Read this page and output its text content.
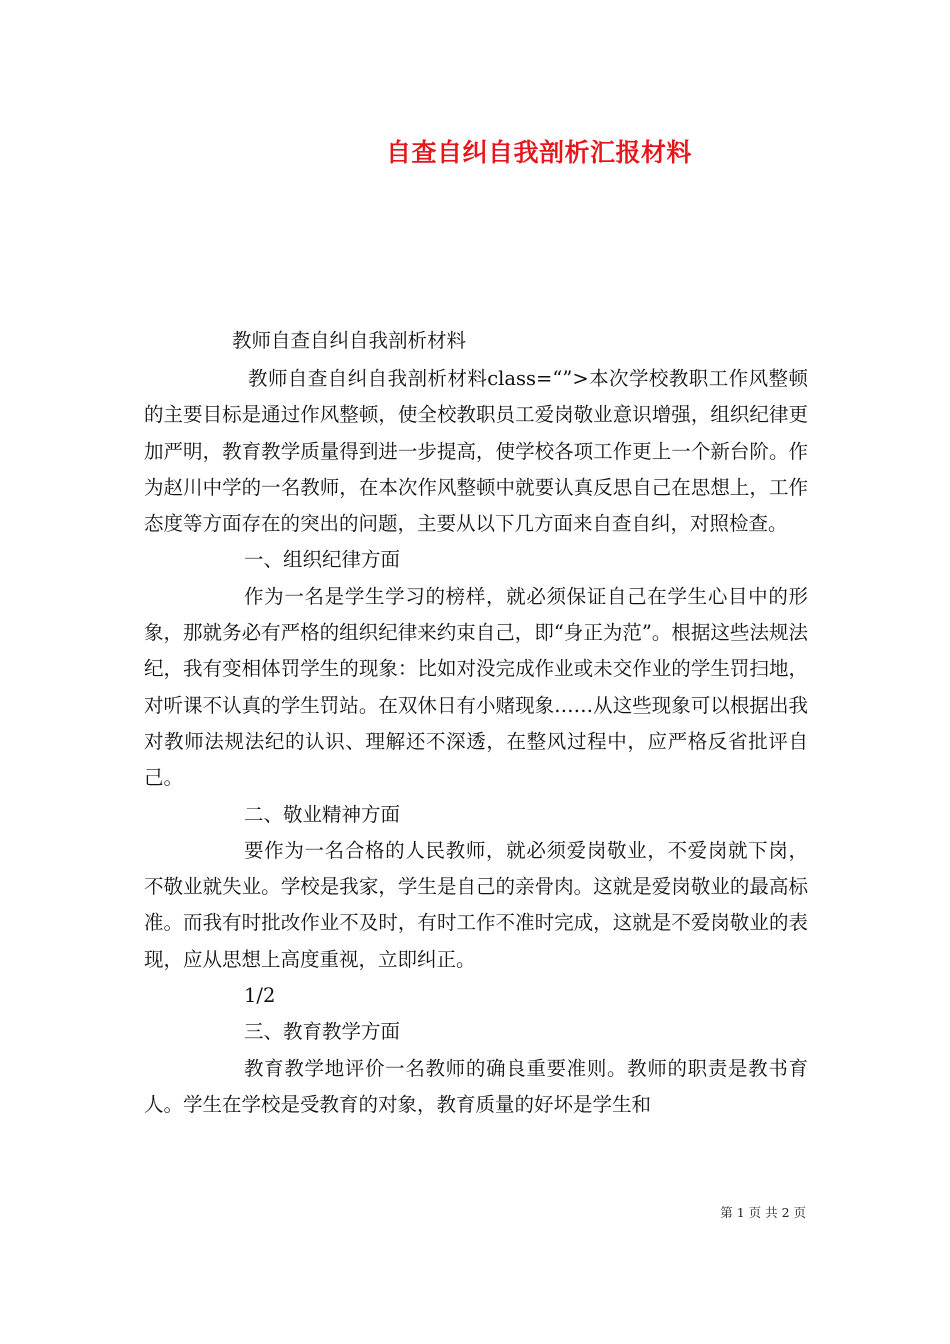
自查自纠自我剖析汇报材料
教师自查自纠自我剖析材料

教师自查自纠自我剖析材料class=“”>本次学校教职工作风整顿的主要目标是通过作风整顿，使全校教职员工爱岗敬业意识增强，组织纪律更加严明，教育教学质量得到进一步提高，使学校各项工作更上一个新台阶。作为赵川中学的一名教师，在本次作风整顿中就要认真反思自己在思想上，工作态度等方面存在的突出的问题，主要从以下几方面来自查自纠，对照检查。

一、组织纪律方面

作为一名是学生学习的榜样，就必须保证自己在学生心目中的形象，那就务必有严格的组织纪律来约束自己，即“身正为范”。根据这些法规法纪，我有变相体罚学生的现象：比如对没完成作业或未交作业的学生罚扫地，对听课不认真的学生罚站。在双休日有小赌现象……从这些现象可以根据出我对教师法规法纪的认识、理解还不深透，在整风过程中，应严格反省批评自己。

二、敬业精神方面

要作为一名合格的人民教师，就必须爱岗敬业，不爱岗就下岗，不敬业就失业。学校是我家，学生是自己的亲骨肉。这就是爱岗敬业的最高标准。而我有时批改作业不及时，有时工作不准时完成，这就是不爱岗敬业的表现，应从思想上高度重视，立即纠正。

1/2

三、教育教学方面

教育教学地评价一名教师的确良重要准则。教师的职责是教书育人。学生在学校是受教育的对象，教育质量的好坏是学生和

第 1 页 共 2 页
